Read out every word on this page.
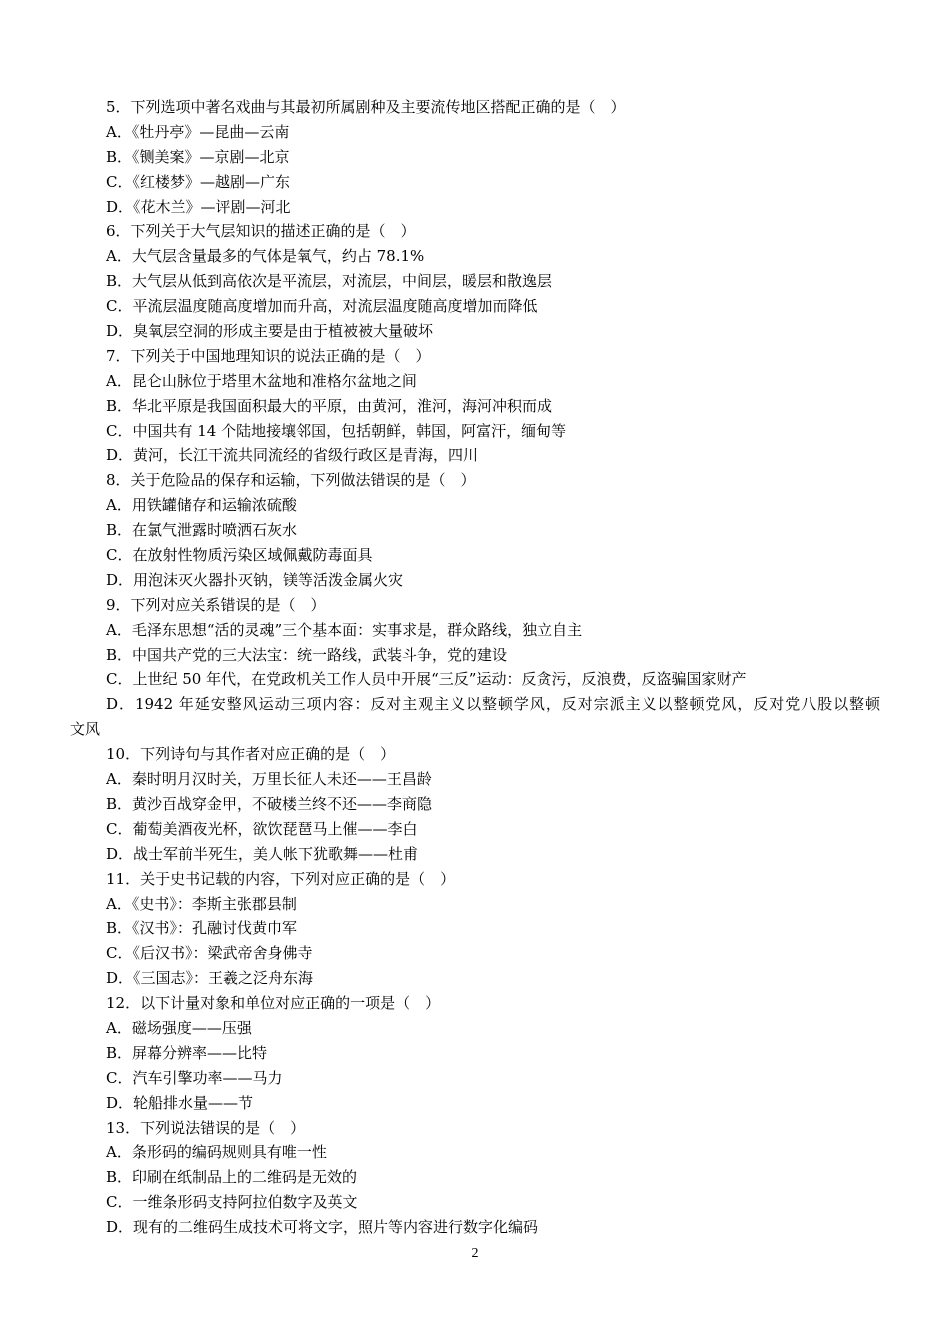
5．下列选项中著名戏曲与其最初所属剧种及主要流传地区搭配正确的是（　）
A．《牡丹亭》—昆曲—云南
B．《铡美案》—京剧—北京
C．《红楼梦》—越剧—广东
D．《花木兰》—评剧—河北
6．下列关于大气层知识的描述正确的是（　）
A．大气层含量最多的气体是氧气，约占 78.1%
B．大气层从低到高依次是平流层，对流层，中间层，暖层和散逸层
C．平流层温度随高度增加而升高，对流层温度随高度增加而降低
D．臭氧层空洞的形成主要是由于植被被大量破坏
7．下列关于中国地理知识的说法正确的是（　）
A．昆仑山脉位于塔里木盆地和准格尔盆地之间
B．华北平原是我国面积最大的平原，由黄河，淮河，海河冲积而成
C．中国共有 14 个陆地接壤邻国，包括朝鲜，韩国，阿富汗，缅甸等
D．黄河，长江干流共同流经的省级行政区是青海，四川
8．关于危险品的保存和运输，下列做法错误的是（　）
A．用铁罐储存和运输浓硫酸
B．在氯气泄露时喷洒石灰水
C．在放射性物质污染区域佩戴防毒面具
D．用泡沫灭火器扑灭钠，镁等活泼金属火灾
9．下列对应关系错误的是（　）
A．毛泽东思想“活的灵魂”三个基本面：实事求是，群众路线，独立自主
B．中国共产党的三大法宝：统一路线，武装斗争，党的建设
C．上世纪 50 年代，在党政机关工作人员中开展“三反”运动：反贪污，反浪费，反盗骗国家财产
D．1942 年延安整风运动三项内容：反对主观主义以整顿学风，反对宗派主义以整顿党风，反对党八股以整顿
文风
10．下列诗句与其作者对应正确的是（　）
A．秦时明月汉时关，万里长征人未还——王昌龄
B．黄沙百战穿金甲，不破楼兰终不还——李商隐
C．葡萄美酒夜光杯，欲饮琵琶马上催——李白
D．战士军前半死生，美人帐下犹歌舞——杜甫
11．关于史书记载的内容，下列对应正确的是（　）
A．《史书》：李斯主张郡县制
B．《汉书》：孔融讨伐黄巾军
C．《后汉书》：梁武帝舍身佛寺
D．《三国志》：王羲之泛舟东海
12．以下计量对象和单位对应正确的一项是（　）
A．磁场强度——压强
B．屏幕分辨率——比特
C．汽车引擎功率——马力
D．轮船排水量——节
13．下列说法错误的是（　）
A．条形码的编码规则具有唯一性
B．印刷在纸制品上的二维码是无效的
C．一维条形码支持阿拉伯数字及英文
D．现有的二维码生成技术可将文字，照片等内容进行数字化编码
2
